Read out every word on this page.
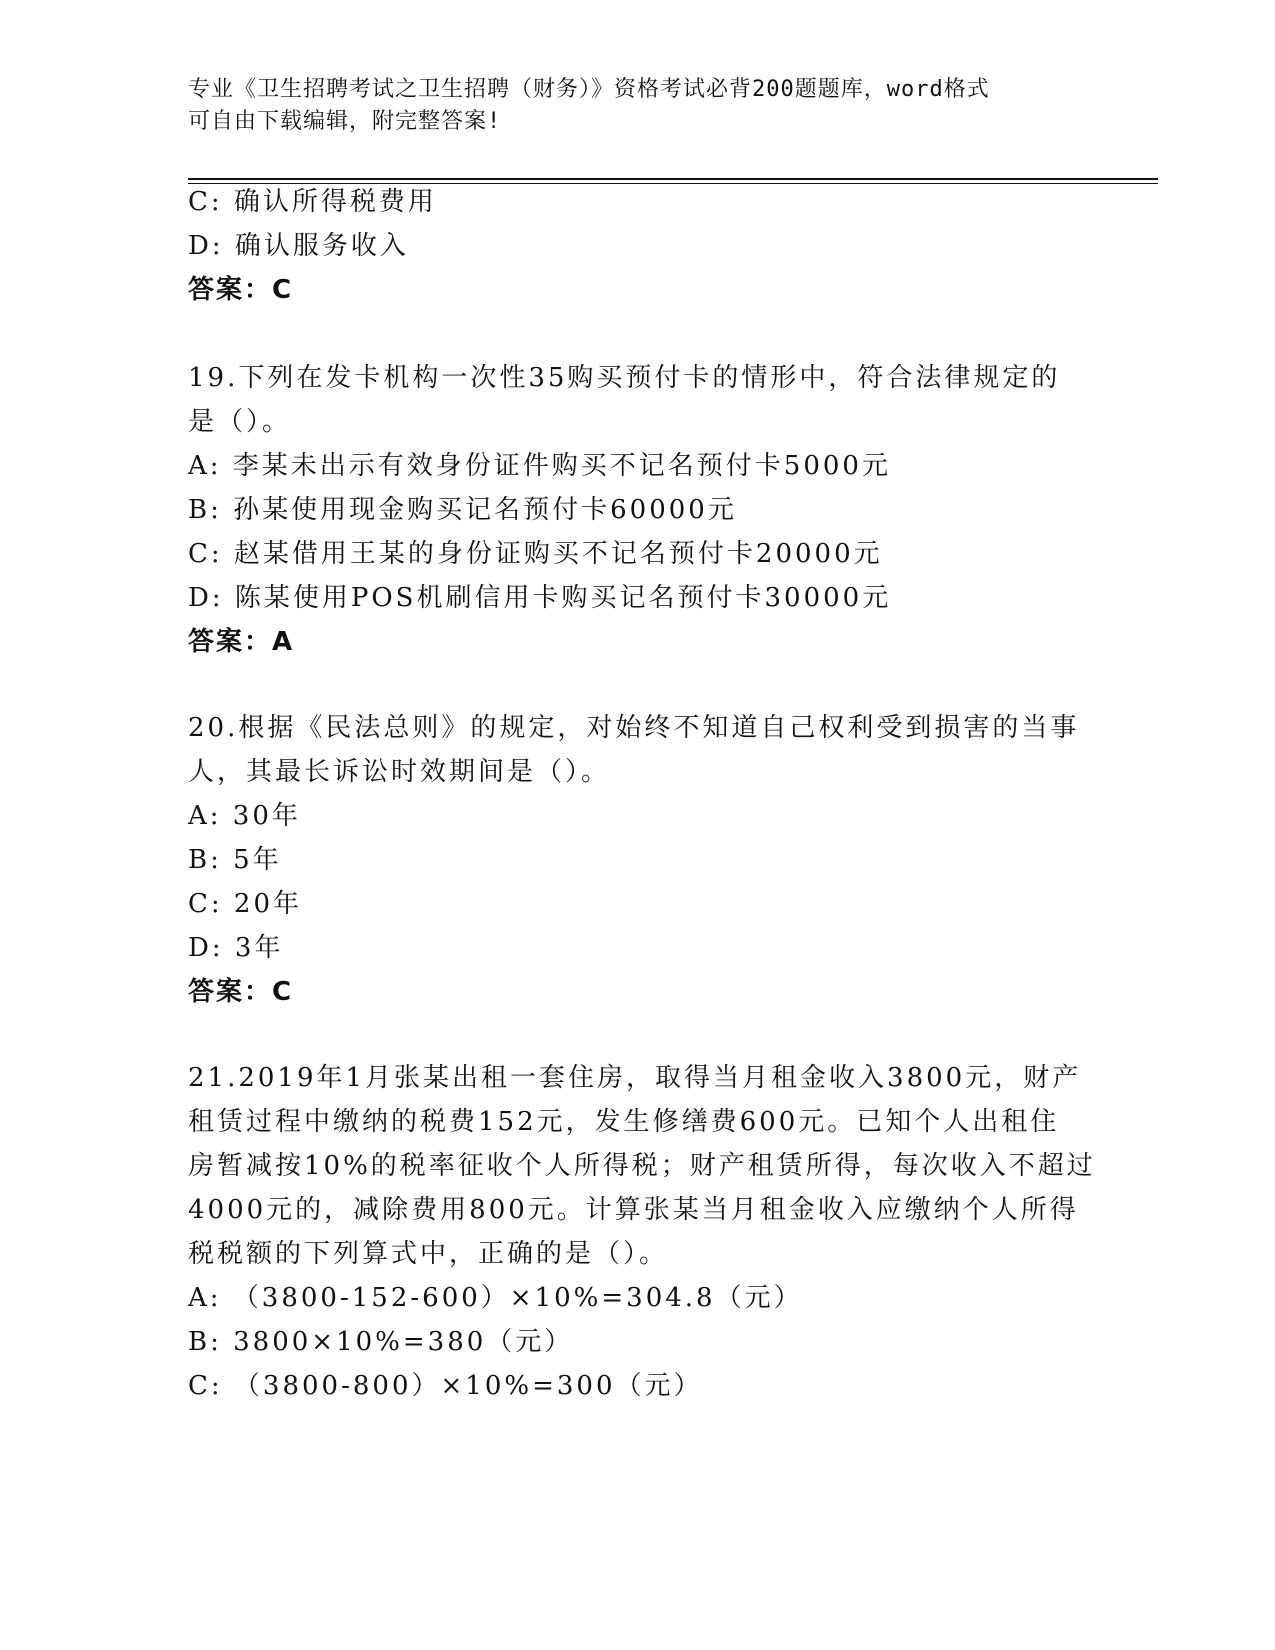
专业《卫生招聘考试之卫生招聘（财务）》资格考试必背200题题库，word格式
可自由下载编辑，附完整答案!
C: 确认所得税费用
D: 确认服务收入
答案：C
19.下列在发卡机构一次性35购买预付卡的情形中，符合法律规定的
是（）。
A: 李某未出示有效身份证件购买不记名预付卡5000元
B: 孙某使用现金购买记名预付卡60000元
C: 赵某借用王某的身份证购买不记名预付卡20000元
D: 陈某使用POS机刷信用卡购买记名预付卡30000元
答案：A
20.根据《民法总则》的规定，对始终不知道自己权利受到损害的当事
人，其最长诉讼时效期间是（）。
A: 30年
B: 5年
C: 20年
D: 3年
答案：C
21.2019年1月张某出租一套住房，取得当月租金收入3800元，财产
租赁过程中缴纳的税费152元，发生修缮费600元。已知个人出租住
房暂减按10%的税率征收个人所得税；财产租赁所得，每次收入不超过
4000元的，减除费用800元。计算张某当月租金收入应缴纳个人所得
税税额的下列算式中，正确的是（）。
A: （3800-152-600）×10%=304.8（元）
B: 3800×10%=380（元）
C: （3800-800）×10%=300（元）
